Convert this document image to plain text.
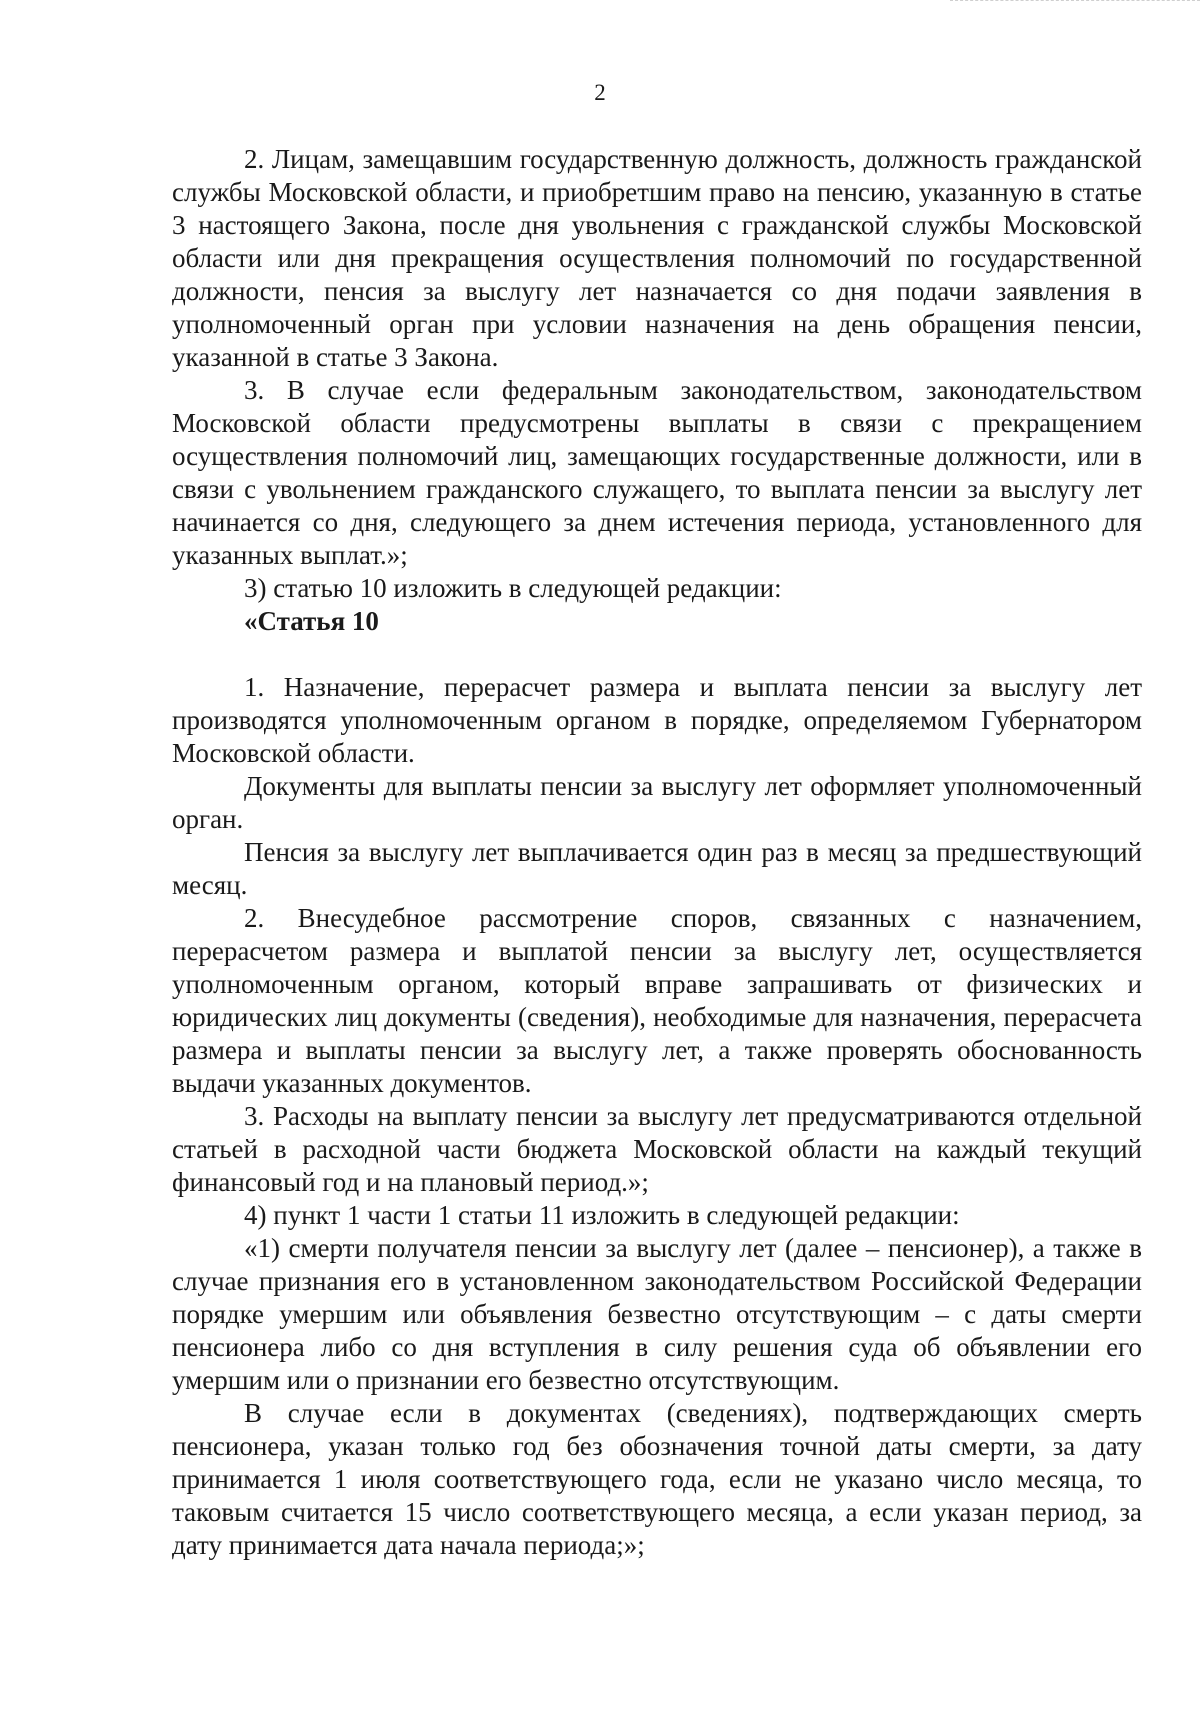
2

2. Лицам, замещавшим государственную должность, должность гражданской службы Московской области, и приобретшим право на пенсию, указанную в статье 3 настоящего Закона, после дня увольнения с гражданской службы Московской области или дня прекращения осуществления полномочий по государственной должности, пенсия за выслугу лет назначается со дня подачи заявления в уполномоченный орган при условии назначения на день обращения пенсии, указанной в статье 3 Закона.

3. В случае если федеральным законодательством, законодательством Московской области предусмотрены выплаты в связи с прекращением осуществления полномочий лиц, замещающих государственные должности, или в связи с увольнением гражданского служащего, то выплата пенсии за выслугу лет начинается со дня, следующего за днем истечения периода, установленного для указанных выплат.»;

3) статью 10 изложить в следующей редакции:

«Статья 10

1. Назначение, перерасчет размера и выплата пенсии за выслугу лет производятся уполномоченным органом в порядке, определяемом Губернатором Московской области.

Документы для выплаты пенсии за выслугу лет оформляет уполномоченный орган.

Пенсия за выслугу лет выплачивается один раз в месяц за предшествующий месяц.

2. Внесудебное рассмотрение споров, связанных с назначением, перерасчетом размера и выплатой пенсии за выслугу лет, осуществляется уполномоченным органом, который вправе запрашивать от физических и юридических лиц документы (сведения), необходимые для назначения, перерасчета размера и выплаты пенсии за выслугу лет, а также проверять обоснованность выдачи указанных документов.

3. Расходы на выплату пенсии за выслугу лет предусматриваются отдельной статьей в расходной части бюджета Московской области на каждый текущий финансовый год и на плановый период.»;

4) пункт 1 части 1 статьи 11 изложить в следующей редакции:

«1) смерти получателя пенсии за выслугу лет (далее – пенсионер), а также в случае признания его в установленном законодательством Российской Федерации порядке умершим или объявления безвестно отсутствующим – с даты смерти пенсионера либо со дня вступления в силу решения суда об объявлении его умершим или о признании его безвестно отсутствующим.

В случае если в документах (сведениях), подтверждающих смерть пенсионера, указан только год без обозначения точной даты смерти, за дату принимается 1 июля соответствующего года, если не указано число месяца, то таковым считается 15 число соответствующего месяца, а если указан период, за дату принимается дата начала периода;»;
